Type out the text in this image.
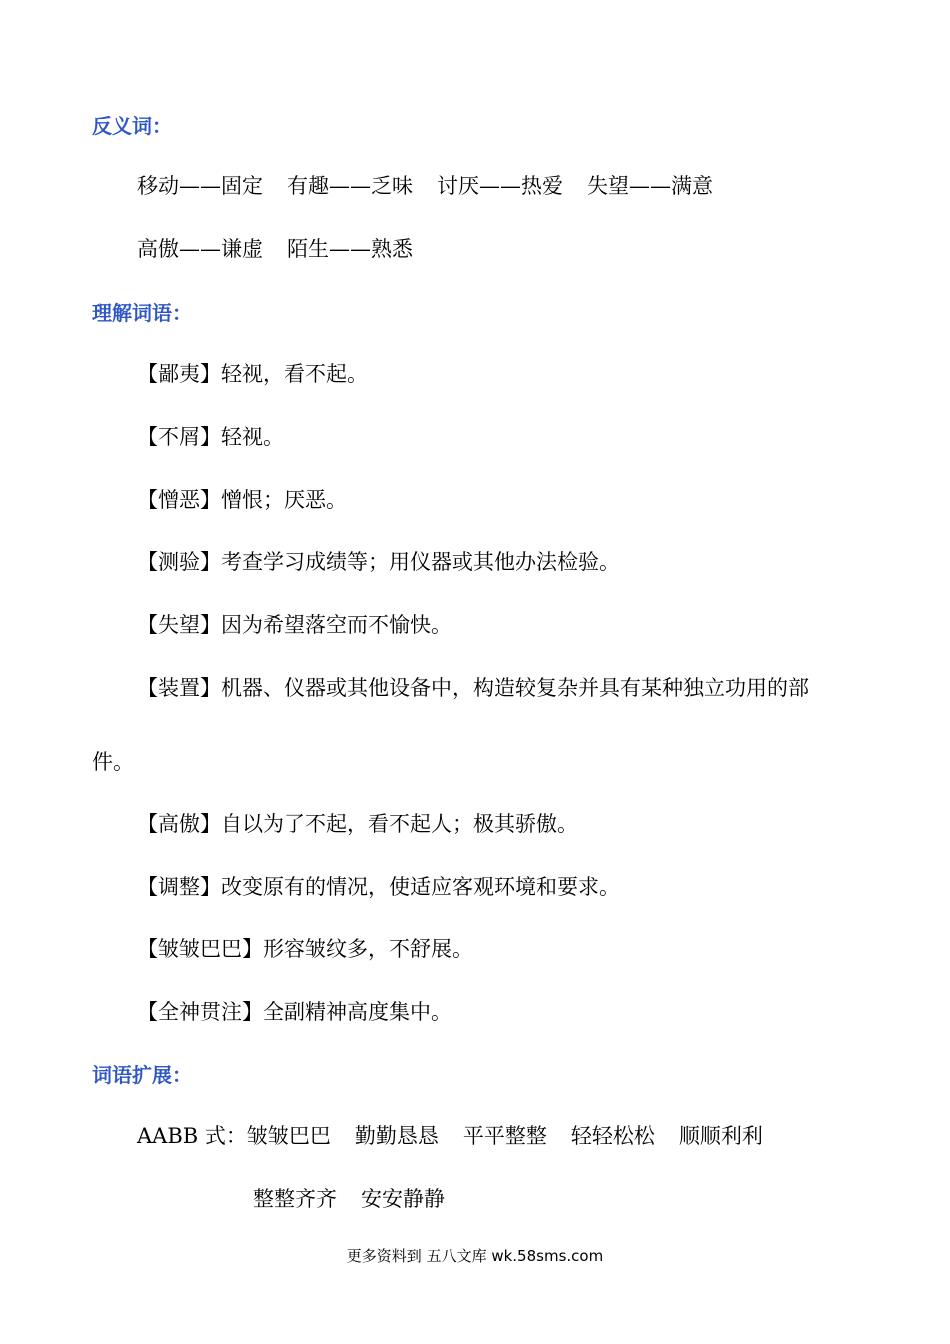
反义词：

移动——固定 有趣——乏味 讨厌——热爱 失望——满意

高傲——谦虚 陌生——熟悉

理解词语：

【鄙夷】轻视，看不起。

【不屑】轻视。

【憎恶】憎恨；厌恶。

【测验】考查学习成绩等；用仪器或其他办法检验。

【失望】因为希望落空而不愉快。

【装置】机器、仪器或其他设备中，构造较复杂并具有某种独立功用的部

件。

【高傲】自以为了不起，看不起人；极其骄傲。

【调整】改变原有的情况，使适应客观环境和要求。

【皱皱巴巴】形容皱纹多，不舒展。

【全神贯注】全副精神高度集中。

词语扩展：

AABB 式：皱皱巴巴 勤勤恳恳 平平整整 轻轻松松 顺顺利利

整整齐齐 安安静静

更多资料到 五八文库 wk.58sms.com
